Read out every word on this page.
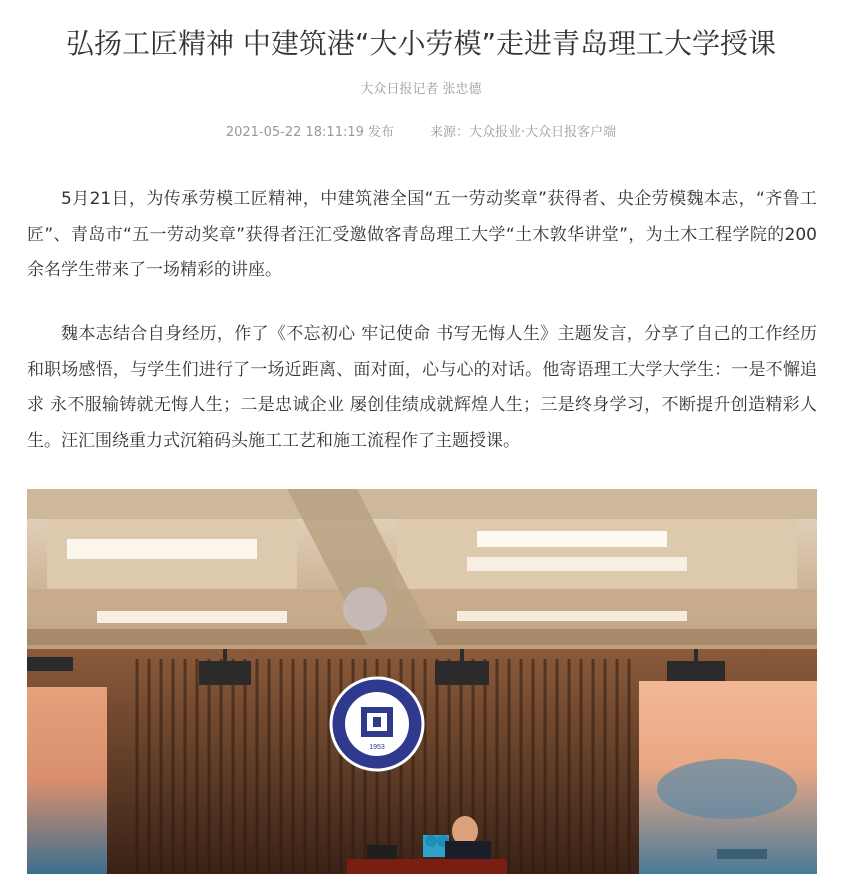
弘扬工匠精神 中建筑港“大小劳模”走进青岛理工大学授课
大众日报记者 张忠德
2021-05-22 18:11:19 发布	来源：大众报业·大众日报客户端

5月21日，为传承劳模工匠精神，中建筑港全国“五一劳动奖章”获得者、央企劳模魏本志，“齐鲁工匠”、青岛市“五一劳动奖章”获得者汪汇受邀做客青岛理工大学“土木敦华讲堂”，为土木工程学院的200余名学生带来了一场精彩的讲座。

魏本志结合自身经历，作了《不忘初心 牢记使命 书写无悔人生》主题发言，分享了自己的工作经历和职场感悟，与学生们进行了一场近距离、面对面，心与心的对话。他寄语理工大学大学生：一是不懈追求 永不服输铸就无悔人生；二是忠诚企业 屡创佳绩成就辉煌人生；三是终身学习，不断提升创造精彩人生。汪汇围绕重力式沉箱码头施工工艺和施工流程作了主题授课。

1953
